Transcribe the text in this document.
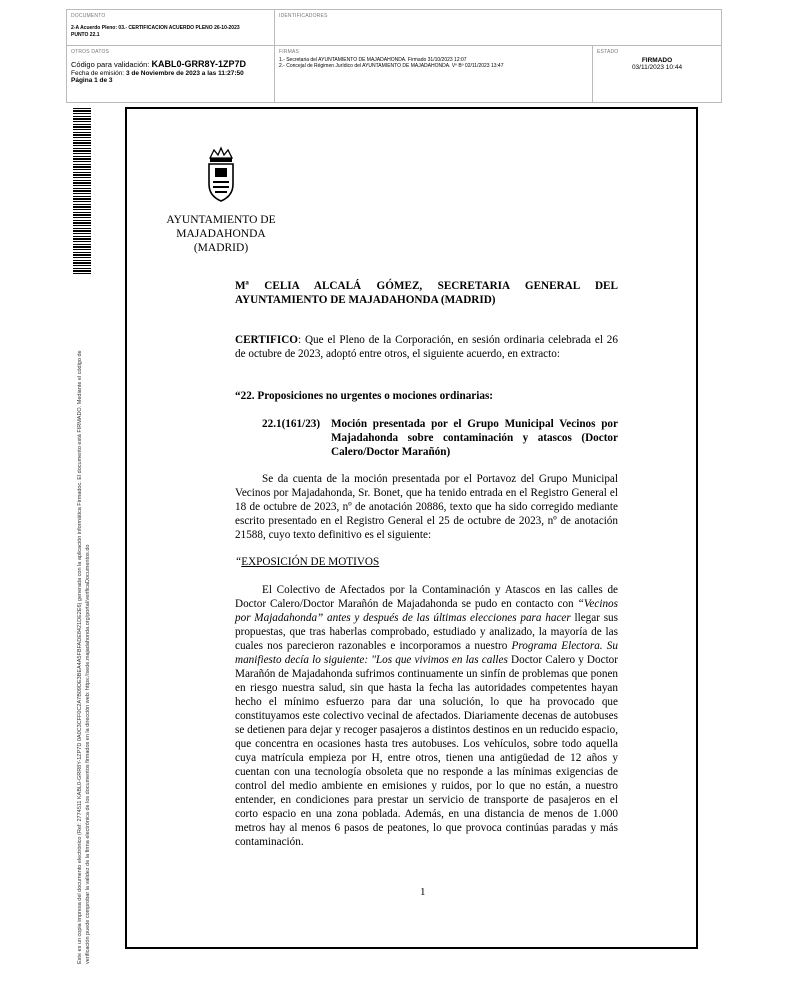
DOCUMENTO
2-A Acuerdo Pleno: 03.- CERTIFICACION ACUERDO PLENO 26-10-2023 PUNTO 22.1
IDENTIFICADORES
OTROS DATOS
Código para validación: KABL0-GRR8Y-1ZP7D
Fecha de emisión: 3 de Noviembre de 2023 a las 11:27:50
Página 1 de 3
FIRMAS
1.- Secretaria del AYUNTAMIENTO DE MAJADAHONDA. Firmado 31/10/2023 12:07
2.- Concejal de Régimen Jurídico del AYUNTAMIENTO DE MAJADAHONDA. Vº Bº 02/11/2023 13:47
ESTADO
FIRMADO
03/11/2023 10:44
Este es un copia impresa del documento electrónico (Ref: 2774511 KABL0-GRR8Y-1ZP7D 0A0C3CFF0C2A7B09DE3BEA4A5FBFADE8421DE2E6) generada con la aplicación informática Firmadoc. El documento está FIRMADO. Mediante el código de verificación puede comprobar la validez de la firma electrónica de los documentos firmados en la dirección web: https://sede.majadahonda.org/portal/verificaDocumentos.do
AYUNTAMIENTO DE
MAJADAHONDA
(MADRID)
Mª CELIA ALCALÁ GÓMEZ, SECRETARIA GENERAL DEL AYUNTAMIENTO DE MAJADAHONDA (MADRID)
CERTIFICO: Que el Pleno de la Corporación, en sesión ordinaria celebrada el 26 de octubre de 2023, adoptó entre otros, el siguiente acuerdo, en extracto:
“22. Proposiciones no urgentes o mociones ordinarias:
22.1(161/23) Moción presentada por el Grupo Municipal Vecinos por Majadahonda sobre contaminación y atascos (Doctor Calero/Doctor Marañón)
Se da cuenta de la moción presentada por el Portavoz del Grupo Municipal Vecinos por Majadahonda, Sr. Bonet, que ha tenido entrada en el Registro General el 18 de octubre de 2023, nº de anotación 20886, texto que ha sido corregido mediante escrito presentado en el Registro General el 25 de octubre de 2023, nº de anotación 21588, cuyo texto definitivo es el siguiente:
“EXPOSICIÓN DE MOTIVOS
El Colectivo de Afectados por la Contaminación y Atascos en las calles de Doctor Calero/Doctor Marañón de Majadahonda se pudo en contacto con “Vecinos por Majadahonda” antes y después de las últimas elecciones para hacer llegar sus propuestas, que tras haberlas comprobado, estudiado y analizado, la mayoría de las cuales nos parecieron razonables e incorporamos a nuestro Programa Electora. Su manifiesto decía lo siguiente: "Los que vivimos en las calles Doctor Calero y Doctor Marañón de Majadahonda sufrimos continuamente un sinfín de problemas que ponen en riesgo nuestra salud, sin que hasta la fecha las autoridades competentes hayan hecho el mínimo esfuerzo para dar una solución, lo que ha provocado que constituyamos este colectivo vecinal de afectados. Diariamente decenas de autobuses se detienen para dejar y recoger pasajeros a distintos destinos en un reducido espacio, que concentra en ocasiones hasta tres autobuses. Los vehículos, sobre todo aquella cuya matrícula empieza por H, entre otros, tienen una antigüedad de 12 años y cuentan con una tecnología obsoleta que no responde a las mínimas exigencias de control del medio ambiente en emisiones y ruidos, por lo que no están, a nuestro entender, en condiciones para prestar un servicio de transporte de pasajeros en el corto espacio en una zona poblada. Además, en una distancia de menos de 1.000 metros hay al menos 6 pasos de peatones, lo que provoca continúas paradas y más contaminación.
1
